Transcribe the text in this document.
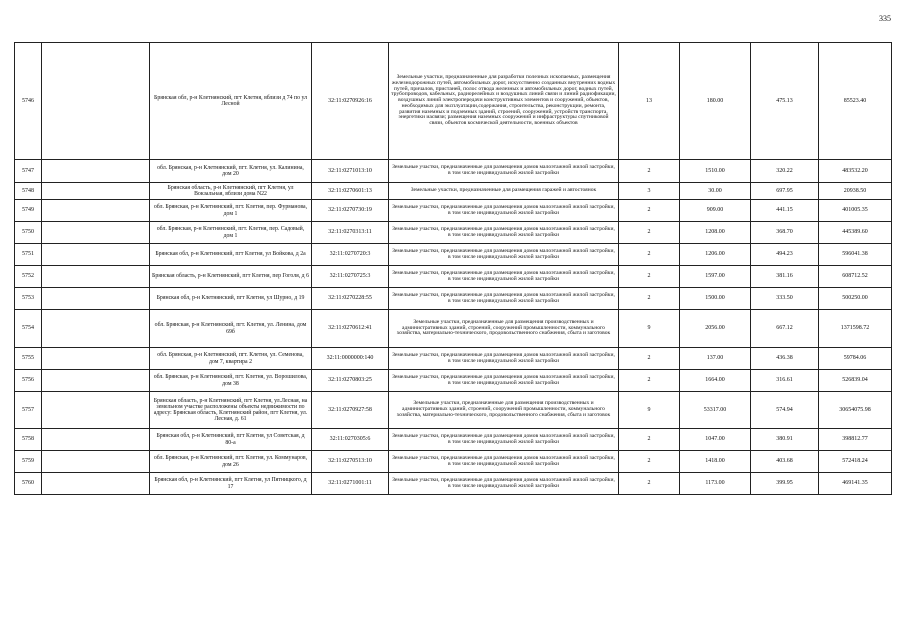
335
5746		Брянская обл, р-н Клетнянский, пгт Клетня, вблизи д 74 по ул Лесной	32:11:0270926:16	Земельные участки, предназначенные для разработки полезных ископаемых, размещения железнодорожных путей, автомобильных дорог, искусственно созданных внутренних водных путей, причалов, пристаней, полос отвода железных и автомобильных дорог, водных путей, трубопроводов, кабельных, радиорелейных и воздушных линий связи и линий радиофикации, воздушных линий электропередачи конструктивных элементов и сооружений, объектов, необходимых для эксплуатации,содержания, строительства, реконструкции, ремонта, развития наземных и подземных зданий, строений, сооружений, устройств транспорта, энергетики иасвязи; размещения наземных сооружений и инфраструктуры спутниковой связи, объектов космической деятельности, военных объектов	13	180.00	475.13	85523.40
5747		обл. Брянская, р-н Клетнянский, пгт. Клетня, ул. Калинина, дом 20	32:11:0271013:10	Земельные участки, предназначенные для размещения домов малоэтажной жилой застройки, в том числе индивидуальной жилой застройки	2	1510.00	320.22	483532.20
5748		Брянская область, р-н Клетнянский, пгт Клетня, ул Вокзальная, вблизи дома N22	32:11:0270601:13	Земельные участки, предназначенные для размещения гаражей и автостоянок	3	30.00	697.95	20938.50
5749		обл. Брянская, р-н Клетнянский, пгт. Клетня, пер. Фурманова, дом 1	32:11:0270730:19	Земельные участки, предназначенные для размещения домов малоэтажной жилой застройки, в том числе индивидуальной жилой застройки	2	909.00	441.15	401005.35
5750		обл. Брянская, р-н Клетнянский, пгт. Клетня, пер. Садовый, дом 1	32:11:0270313:11	Земельные участки, предназначенные для размещения домов малоэтажной жилой застройки, в том числе индивидуальной жилой застройки	2	1208.00	368.70	445389.60
5751		Брянская обл, р-н Клетнянский, пгт Клетня, ул Войкова, д 2а	32:11:0270720:3	Земельные участки, предназначенные для размещения домов малоэтажной жилой застройки, в том числе индивидуальной жилой застройки	2	1206.00	494.23	596041.38
5752		Брянская область, р-н Клетнянский, пгт Клетня, пер Гоголя, д 6	32:11:0270725:3	Земельные участки, предназначенные для размещения домов малоэтажной жилой застройки, в том числе индивидуальной жилой застройки	2	1597.00	381.16	608712.52
5753		Брянская обл, р-н Клетнянский, пгт Клетня, ул Шурно, д 19	32:11:0270228:55	Земельные участки, предназначенные для размещения домов малоэтажной жилой застройки, в том числе индивидуальной жилой застройки	2	1500.00	333.50	500250.00
5754		обл. Брянская, р-н Клетнянский, пгт. Клетня, ул. Ленина, дом 69б	32:11:0270612:41	Земельные участки, предназначенные для размещения производственных и административных зданий, строений, сооружений промышленности, коммунального хозяйства, материально-технического, продовольственного снабжения, сбыта и заготовок	9	2056.00	667.12	1371598.72
5755		обл. Брянская, р-н Клетнянский, пгт. Клетня, ул. Семенова, дом 7, квартира 2	32:11:0000000:140	Земельные участки, предназначенные для размещения домов малоэтажной жилой застройки, в том числе индивидуальной жилой застройки	2	137.00	436.38	59784.06
5756		обл. Брянская, р-н Клетнянский, пгт. Клетня, ул. Ворошилова, дом 38	32:11:0270803:25	Земельные участки, предназначенные для размещения домов малоэтажной жилой застройки, в том числе индивидуальной жилой застройки	2	1664.00	316.61	526839.04
5757		Брянская область, р-н Клетнянский, пгт Клетня, ул.Лесная, на земельном участке расположены объекты недвижимости по адресу: Брянская область, Клетнянский район, пгт Клетня, ул. Лесная, д. 61	32:11:0270927:58	Земельные участки, предназначенные для размещения производственных и административных зданий, строений, сооружений промышленности, коммунального хозяйства, материально-технического, продовольственного снабжения, сбыта и заготовок	9	53317.00	574.94	30654075.98
5758		Брянская обл, р-н Клетнянский, пгт Клетня, ул Советская, д 80-а	32:11:0270305:6	Земельные участки, предназначенные для размещения домов малоэтажной жилой застройки, в том числе индивидуальной жилой застройки	2	1047.00	380.91	398812.77
5759		обл. Брянская, р-н Клетнянский, пгт. Клетня, ул. Коммунаров, дом 26	32:11:0270513:10	Земельные участки, предназначенные для размещения домов малоэтажной жилой застройки, в том числе индивидуальной жилой застройки	2	1418.00	403.68	572418.24
5760		Брянская обл, р-н Клетнянский, пгт Клетня, ул Пятницкого, д 17	32:11:0271001:11	Земельные участки, предназначенные для размещения домов малоэтажной жилой застройки, в том числе индивидуальной жилой застройки	2	1173.00	399.95	469141.35
